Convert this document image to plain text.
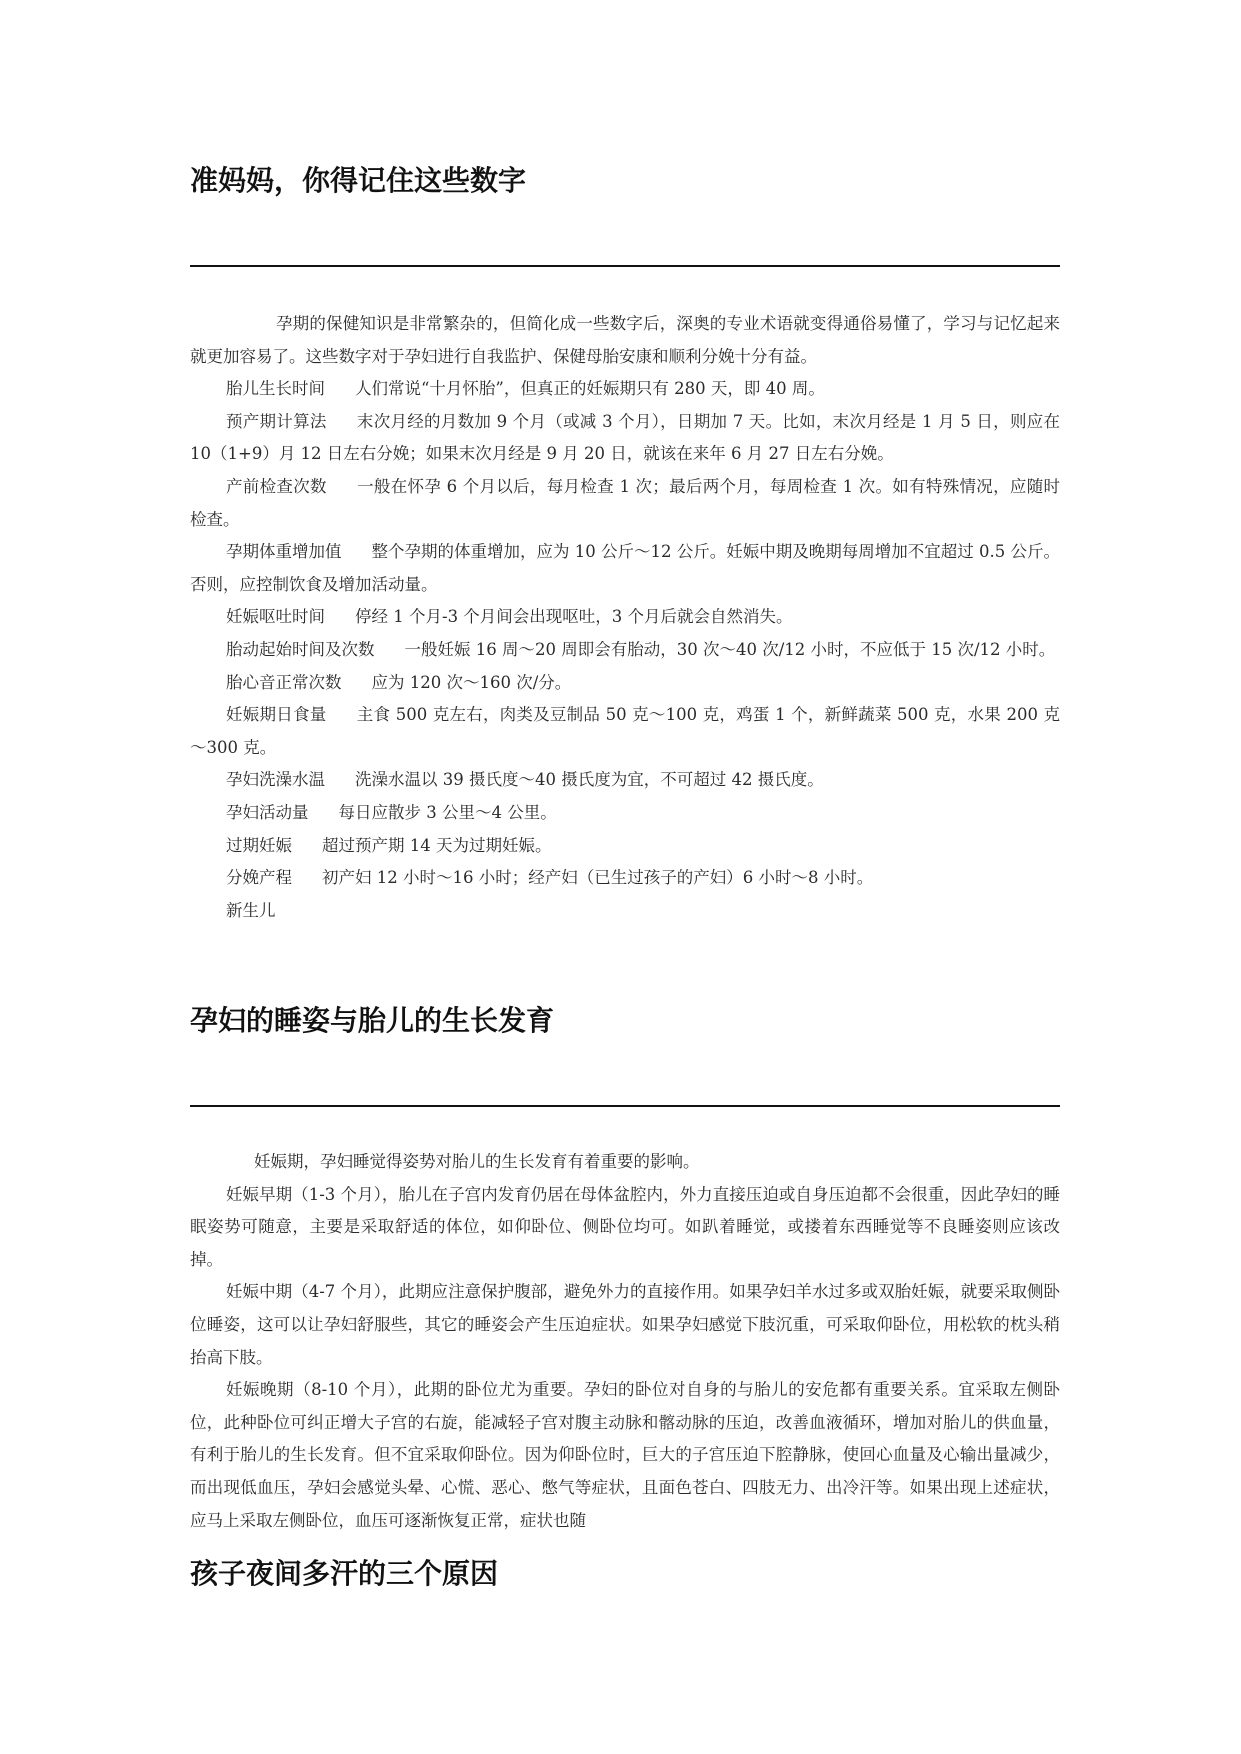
准妈妈，你得记住这些数字

孕期的保健知识是非常繁杂的，但简化成一些数字后，深奥的专业术语就变得通俗易懂了，学习与记忆起来就更加容易了。这些数字对于孕妇进行自我监护、保健母胎安康和顺利分娩十分有益。

胎儿生长时间 人们常说“十月怀胎”，但真正的妊娠期只有 280 天，即 40 周。

预产期计算法 末次月经的月数加 9 个月（或减 3 个月），日期加 7 天。比如，末次月经是 1 月 5 日，则应在 10（1+9）月 12 日左右分娩；如果末次月经是 9 月 20 日，就该在来年 6 月 27 日左右分娩。

产前检查次数 一般在怀孕 6 个月以后，每月检查 1 次；最后两个月，每周检查 1 次。如有特殊情况，应随时检查。

孕期体重增加值 整个孕期的体重增加，应为 10 公斤～12 公斤。妊娠中期及晚期每周增加不宜超过 0.5 公斤。否则，应控制饮食及增加活动量。

妊娠呕吐时间 停经 1 个月-3 个月间会出现呕吐，3 个月后就会自然消失。

胎动起始时间及次数 一般妊娠 16 周～20 周即会有胎动，30 次～40 次/12 小时，不应低于 15 次/12 小时。

胎心音正常次数 应为 120 次～160 次/分。

妊娠期日食量 主食 500 克左右，肉类及豆制品 50 克～100 克，鸡蛋 1 个，新鲜蔬菜 500 克，水果 200 克～300 克。

孕妇洗澡水温 洗澡水温以 39 摄氏度～40 摄氏度为宜，不可超过 42 摄氏度。

孕妇活动量 每日应散步 3 公里～4 公里。

过期妊娠 超过预产期 14 天为过期妊娠。

分娩产程 初产妇 12 小时～16 小时；经产妇（已生过孩子的产妇）6 小时～8 小时。

新生儿

孕妇的睡姿与胎儿的生长发育

妊娠期，孕妇睡觉得姿势对胎儿的生长发育有着重要的影响。

妊娠早期（1-3 个月），胎儿在子宫内发育仍居在母体盆腔内，外力直接压迫或自身压迫都不会很重，因此孕妇的睡眠姿势可随意，主要是采取舒适的体位，如仰卧位、侧卧位均可。如趴着睡觉，或搂着东西睡觉等不良睡姿则应该改掉。

妊娠中期（4-7 个月），此期应注意保护腹部，避免外力的直接作用。如果孕妇羊水过多或双胎妊娠，就要采取侧卧位睡姿，这可以让孕妇舒服些，其它的睡姿会产生压迫症状。如果孕妇感觉下肢沉重，可采取仰卧位，用松软的枕头稍抬高下肢。

妊娠晚期（8-10 个月），此期的卧位尤为重要。孕妇的卧位对自身的与胎儿的安危都有重要关系。宜采取左侧卧位，此种卧位可纠正增大子宫的右旋，能减轻子宫对腹主动脉和髂动脉的压迫，改善血液循环，增加对胎儿的供血量，有利于胎儿的生长发育。但不宜采取仰卧位。因为仰卧位时，巨大的子宫压迫下腔静脉，使回心血量及心输出量减少，而出现低血压，孕妇会感觉头晕、心慌、恶心、憋气等症状，且面色苍白、四肢无力、出冷汗等。如果出现上述症状，应马上采取左侧卧位，血压可逐渐恢复正常，症状也随

孩子夜间多汗的三个原因
